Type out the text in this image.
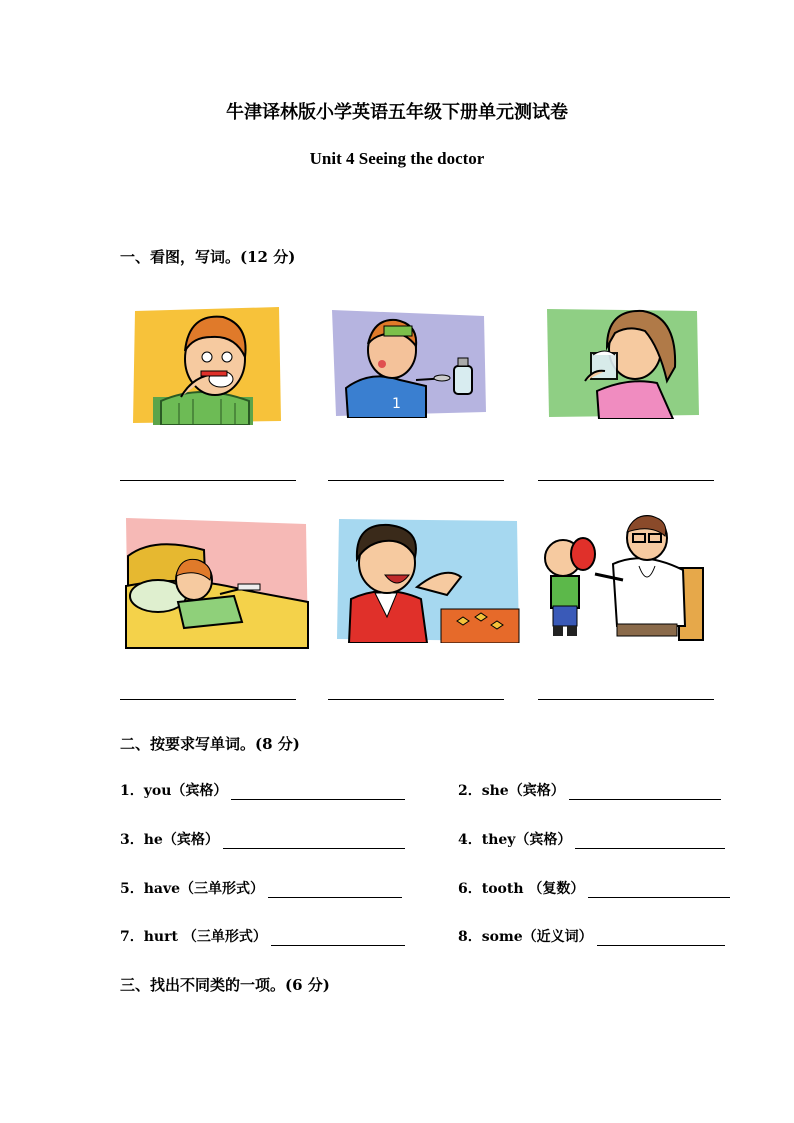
牛津译林版小学英语五年级下册单元测试卷
Unit 4 Seeing the doctor
一、看图，写词。(12 分)
1
二、按要求写单词。(8 分)
1．you（宾格）	2．she（宾格）
3．he（宾格）	4．they（宾格）
5．have（三单形式）	6．tooth （复数）
7．hurt （三单形式）	8．some（近义词）
三、找出不同类的一项。(6 分)
